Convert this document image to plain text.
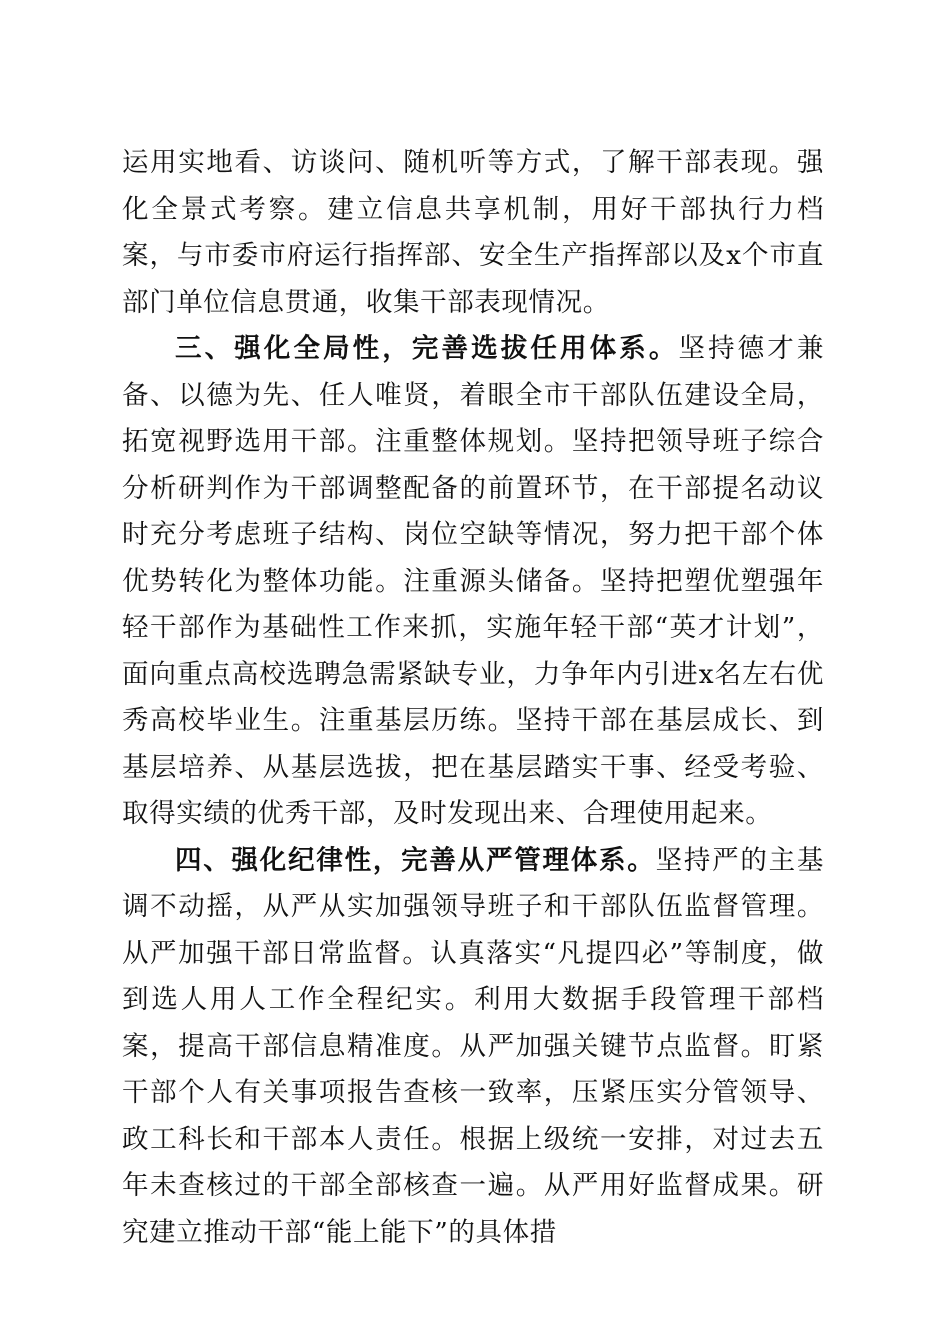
运用实地看、访谈问、随机听等方式，了解干部表现。强化全景式考察。建立信息共享机制，用好干部执行力档案，与市委市府运行指挥部、安全生产指挥部以及x个市直部门单位信息贯通，收集干部表现情况。

三、强化全局性，完善选拔任用体系。坚持德才兼备、以德为先、任人唯贤，着眼全市干部队伍建设全局，拓宽视野选用干部。注重整体规划。坚持把领导班子综合分析研判作为干部调整配备的前置环节，在干部提名动议时充分考虑班子结构、岗位空缺等情况，努力把干部个体优势转化为整体功能。注重源头储备。坚持把塑优塑强年轻干部作为基础性工作来抓，实施年轻干部“英才计划”，面向重点高校选聘急需紧缺专业，力争年内引进x名左右优秀高校毕业生。注重基层历练。坚持干部在基层成长、到基层培养、从基层选拔，把在基层踏实干事、经受考验、取得实绩的优秀干部，及时发现出来、合理使用起来。

四、强化纪律性，完善从严管理体系。坚持严的主基调不动摇，从严从实加强领导班子和干部队伍监督管理。从严加强干部日常监督。认真落实“凡提四必”等制度，做到选人用人工作全程纪实。利用大数据手段管理干部档案，提高干部信息精准度。从严加强关键节点监督。盯紧干部个人有关事项报告查核一致率，压紧压实分管领导、政工科长和干部本人责任。根据上级统一安排，对过去五年未查核过的干部全部核查一遍。从严用好监督成果。研究建立推动干部“能上能下”的具体措
